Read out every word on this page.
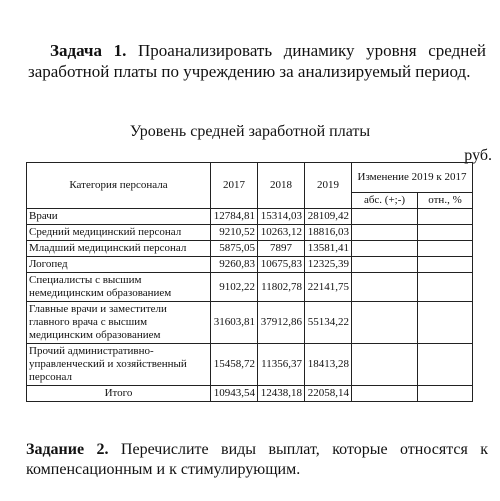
Задача 1. Проанализировать динамику уровня средней заработной платы по учреждению за анализируемый период.
Уровень средней заработной платы
руб.
Категория персонала	2017	2018	2019	Изменение 2019 к 2017	
				абс. (+;-)	отн., %
Врачи	12784,81	15314,03	28109,42		
Средний медицинский персонал	9210,52	10263,12	18816,03		
Младший медицинский персонал	5875,05	7897	13581,41		
Логопед	9260,83	10675,83	12325,39		
Специалисты с высшим немедицинским образованием	9102,22	11802,78	22141,75		
Главные врачи и заместители главного врача с высшим медицинским образованием	31603,81	37912,86	55134,22		
Прочий административно-управленческий и хозяйственный персонал	15458,72	11356,37	18413,28		
Итого	10943,54	12438,18	22058,14		
Задание 2. Перечислите виды выплат, которые относятся к компенсационным и к стимулирующим.
